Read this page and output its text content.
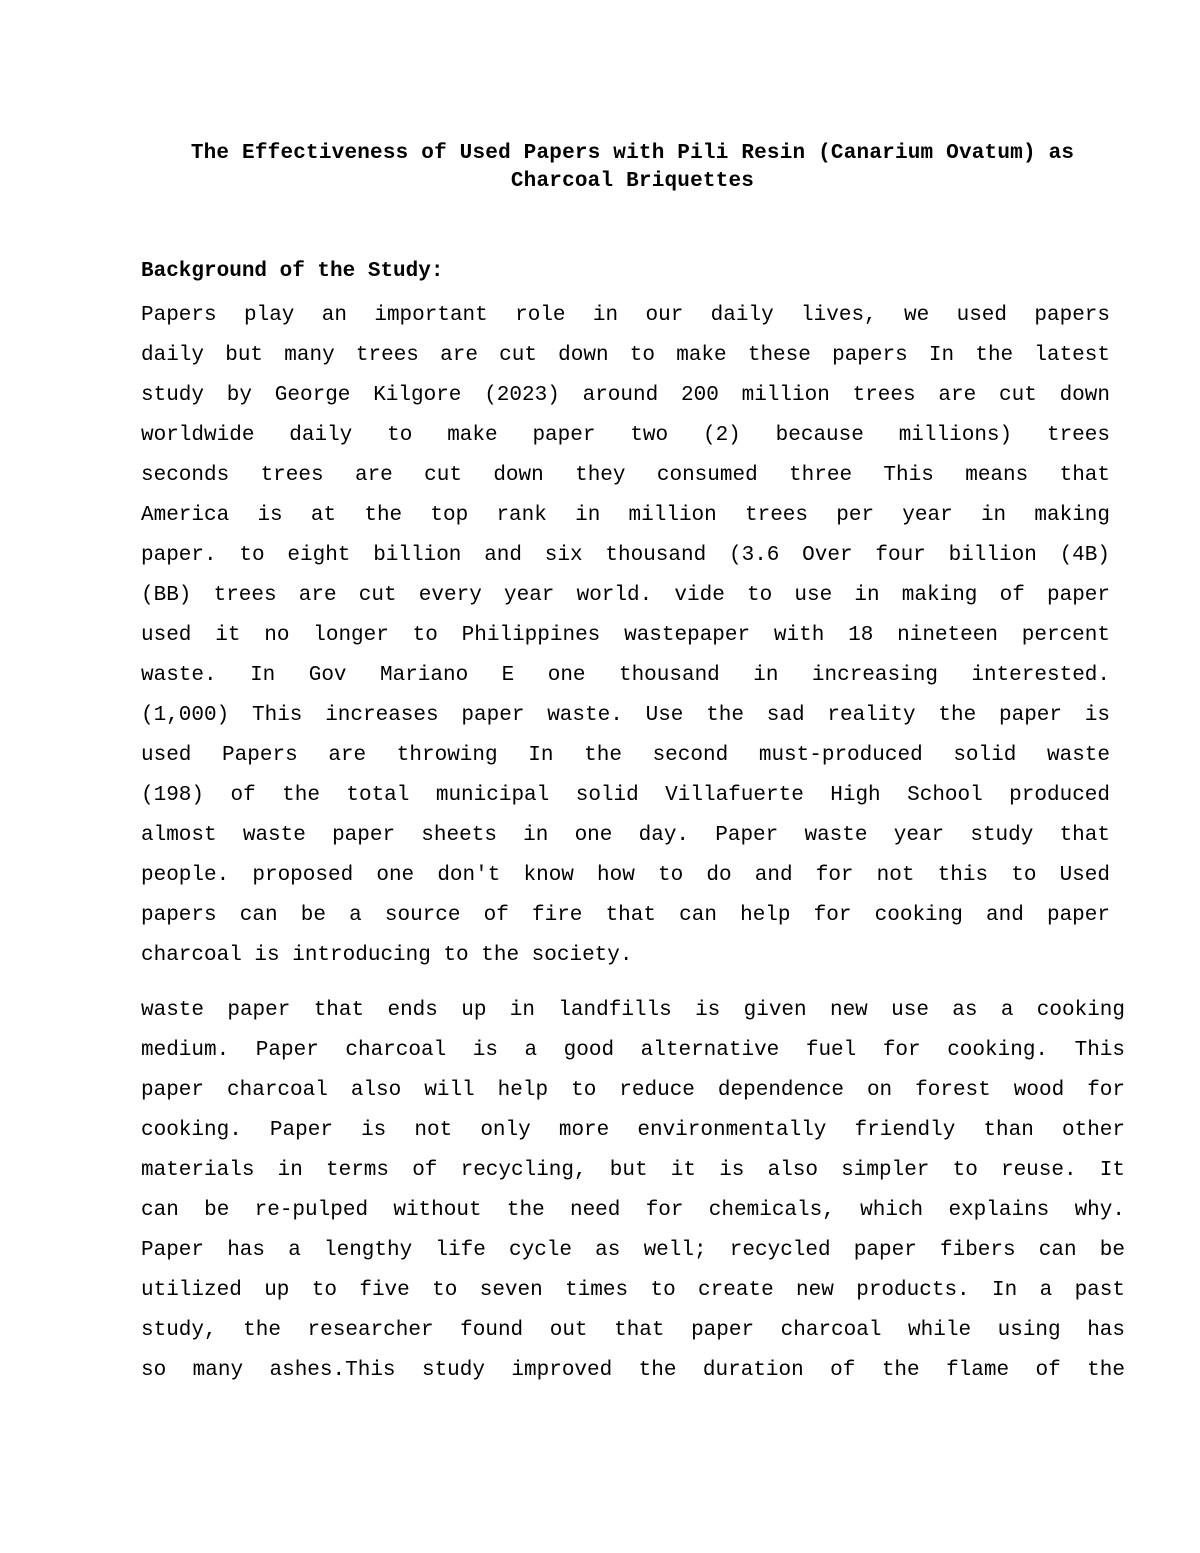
The Effectiveness of Used Papers with Pili Resin (Canarium Ovatum) as
Charcoal Briquettes
Background of the Study:
Papers play an important role in our daily lives, we used papers
daily but many trees are cut down to make these papers In the latest
study by George Kilgore (2023) around 200 million trees are cut down
worldwide daily to make paper two (2) because millions) trees
seconds trees are cut down they consumed three This means that
America is at the top rank in million trees per year in making
paper. to eight billion and six thousand (3.6 Over four billion (4B)
(BB) trees are cut every year world. vide to use in making of paper
used it no longer to Philippines wastepaper with 18 nineteen percent
waste. In Gov Mariano E one thousand in increasing interested.
(1,000) This increases paper waste. Use the sad reality the paper is
used Papers are throwing In the second must-produced solid waste
(198) of the total municipal solid Villafuerte High School produced
almost waste paper sheets in one day. Paper waste year study that
people. proposed one don't know how to do and for not this to Used
papers can be a source of fire that can help for cooking and paper
charcoal is introducing to the society.
waste paper that ends up in landfills is given new use as a cooking
medium. Paper charcoal is a good alternative fuel for cooking. This
paper charcoal also will help to reduce dependence on forest wood for
cooking. Paper is not only more environmentally friendly than other
materials in terms of recycling, but it is also simpler to reuse. It
can be re-pulped without the need for chemicals, which explains why.
Paper has a lengthy life cycle as well; recycled paper fibers can be
utilized up to five to seven times to create new products. In a past
study, the researcher found out that paper charcoal while using has
so many ashes.This study improved the duration of the flame of the
